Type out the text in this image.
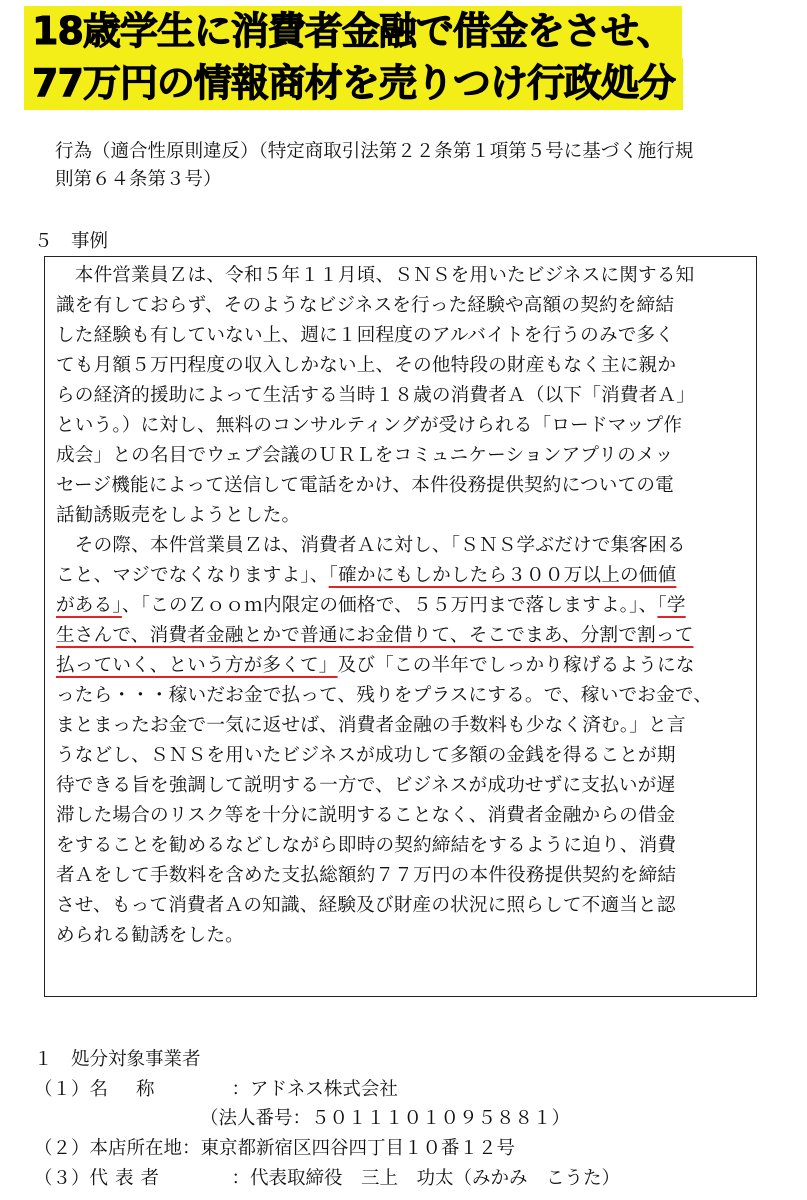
18歳学生に消費者金融で借金をさせ、
77万円の情報商材を売りつけ行政処分
行為（適合性原則違反）（特定商取引法第２２条第１項第５号に基づく施行規
則第６４条第３号）
５　事例
　本件営業員Ｚは、令和５年１１月頃、ＳＮＳを用いたビジネスに関する知
識を有しておらず、そのようなビジネスを行った経験や高額の契約を締結
した経験も有していない上、週に１回程度のアルバイトを行うのみで多く
ても月額５万円程度の収入しかない上、その他特段の財産もなく主に親か
らの経済的援助によって生活する当時１８歳の消費者Ａ（以下「消費者Ａ」
という。）に対し、無料のコンサルティングが受けられる「ロードマップ作
成会」との名目でウェブ会議のＵＲＬをコミュニケーションアプリのメッ
セージ機能によって送信して電話をかけ、本件役務提供契約についての電
話勧誘販売をしようとした。
　その際、本件営業員Ｚは、消費者Ａに対し、「ＳＮＳ学ぶだけで集客困る
こと、マジでなくなりますよ」、「確かにもしかしたら３００万以上の価値
がある」、「このＺｏｏｍ内限定の価格で、５５万円まで落しますよ。」、「学
生さんで、消費者金融とかで普通にお金借りて、そこでまあ、分割で割って
払っていく、という方が多くて」及び「この半年でしっかり稼げるようにな
ったら・・・稼いだお金で払って、残りをプラスにする。で、稼いでお金で、
まとまったお金で一気に返せば、消費者金融の手数料も少なく済む。」と言
うなどし、ＳＮＳを用いたビジネスが成功して多額の金銭を得ることが期
待できる旨を強調して説明する一方で、ビジネスが成功せずに支払いが遅
滞した場合のリスク等を十分に説明することなく、消費者金融からの借金
をすることを勧めるなどしながら即時の契約締結をするように迫り、消費
者Ａをして手数料を含めた支払総額約７７万円の本件役務提供契約を締結
させ、もって消費者Ａの知識、経験及び財産の状況に照らして不適当と認
められる勧誘をした。
１　処分対象事業者
（１）名称	：アドネス株式会社
（法人番号：５０１１１０１０９５８８１）
（２）本店所在地：東京都新宿区四谷四丁目１０番１２号
（３）代表者	：代表取締役　三上　功太（みかみ　こうた）
